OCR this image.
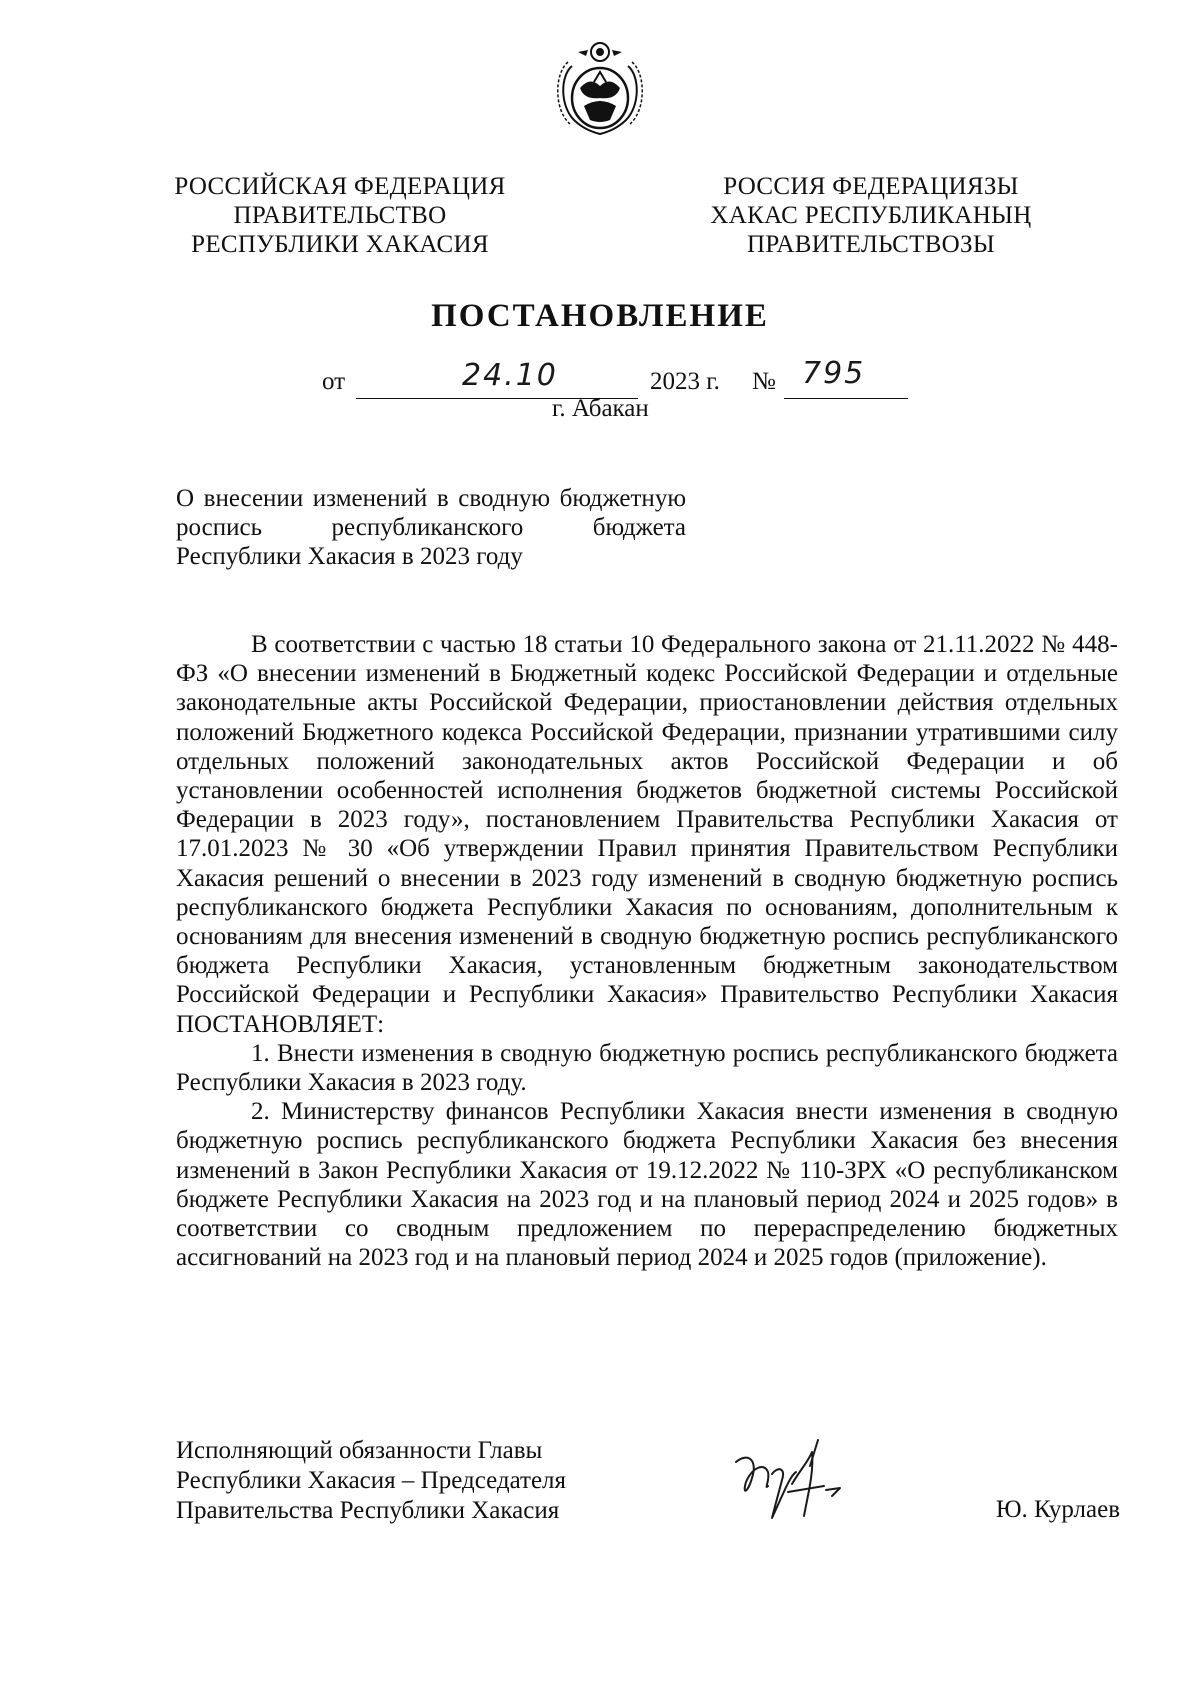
РОССИЙСКАЯ ФЕДЕРАЦИЯ
ПРАВИТЕЛЬСТВО
РЕСПУБЛИКИ ХАКАСИЯ
РОССИЯ ФЕДЕРАЦИЯЗЫ
ХАКАС РЕСПУБЛИКАНЫҢ
ПРАВИТЕЛЬСТВОЗЫ
ПОСТАНОВЛЕНИЕ
от	24.10	2023 г. № 795
г. Абакан
О внесении изменений в сводную бюджетную роспись республиканского бюджета Республики Хакасия в 2023 году

В соответствии с частью 18 статьи 10 Федерального закона от 21.11.2022 № 448-ФЗ «О внесении изменений в Бюджетный кодекс Российской Федерации и отдельные законодательные акты Российской Федерации, приостановлении действия отдельных положений Бюджетного кодекса Российской Федерации, признании утратившими силу отдельных положений законодательных актов Российской Федерации и об установлении особенностей исполнения бюджетов бюджетной системы Российской Федерации в 2023 году», постановлением Правительства Республики Хакасия от 17.01.2023 № 30 «Об утверждении Правил принятия Правительством Республики Хакасия решений о внесении в 2023 году изменений в сводную бюджетную роспись республиканского бюджета Республики Хакасия по основаниям, дополнительным к основаниям для внесения изменений в сводную бюджетную роспись республиканского бюджета Республики Хакасия, установленным бюджетным законодательством Российской Федерации и Республики Хакасия» Правительство Республики Хакасия ПОСТАНОВЛЯЕТ:

1. Внести изменения в сводную бюджетную роспись республиканского бюджета Республики Хакасия в 2023 году.

2. Министерству финансов Республики Хакасия внести изменения в сводную бюджетную роспись республиканского бюджета Республики Хакасия без внесения изменений в Закон Республики Хакасия от 19.12.2022 № 110-ЗРХ «О республиканском бюджете Республики Хакасия на 2023 год и на плановый период 2024 и 2025 годов» в соответствии со сводным предложением по перераспределению бюджетных ассигнований на 2023 год и на плановый период 2024 и 2025 годов (приложение).

Исполняющий обязанности Главы
Республики Хакасия – Председателя
Правительства Республики Хакасия	Ю. Курлаев
